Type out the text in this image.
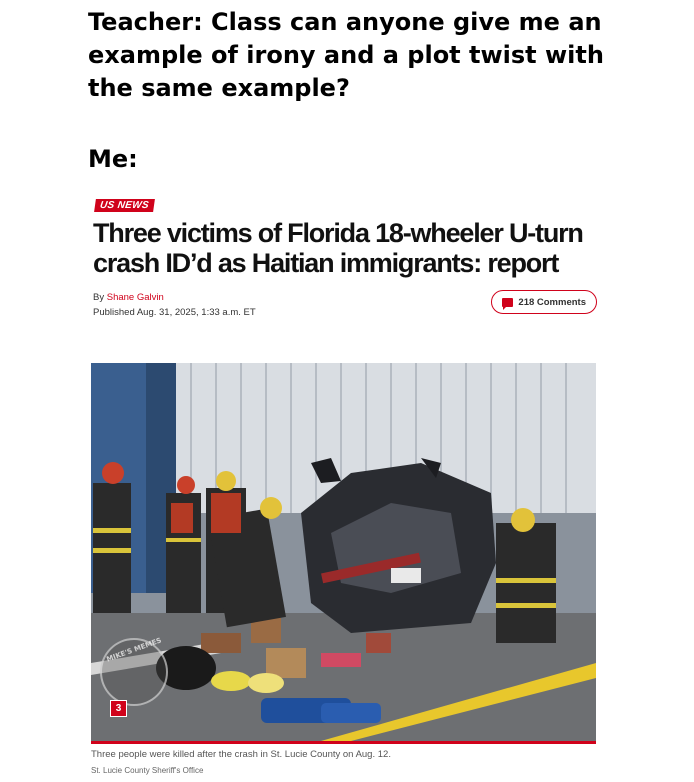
Teacher: Class can anyone give me an example of irony and a plot twist with the same example?

Me:
US NEWS
Three victims of Florida 18-wheeler U-turn crash ID’d as Haitian immigrants: report
By Shane Galvin
Published Aug. 31, 2025, 1:33 a.m. ET
218 Comments
MIKE'S MEMES
3
Three people were killed after the crash in St. Lucie County on Aug. 12.
St. Lucie County Sheriff's Office
